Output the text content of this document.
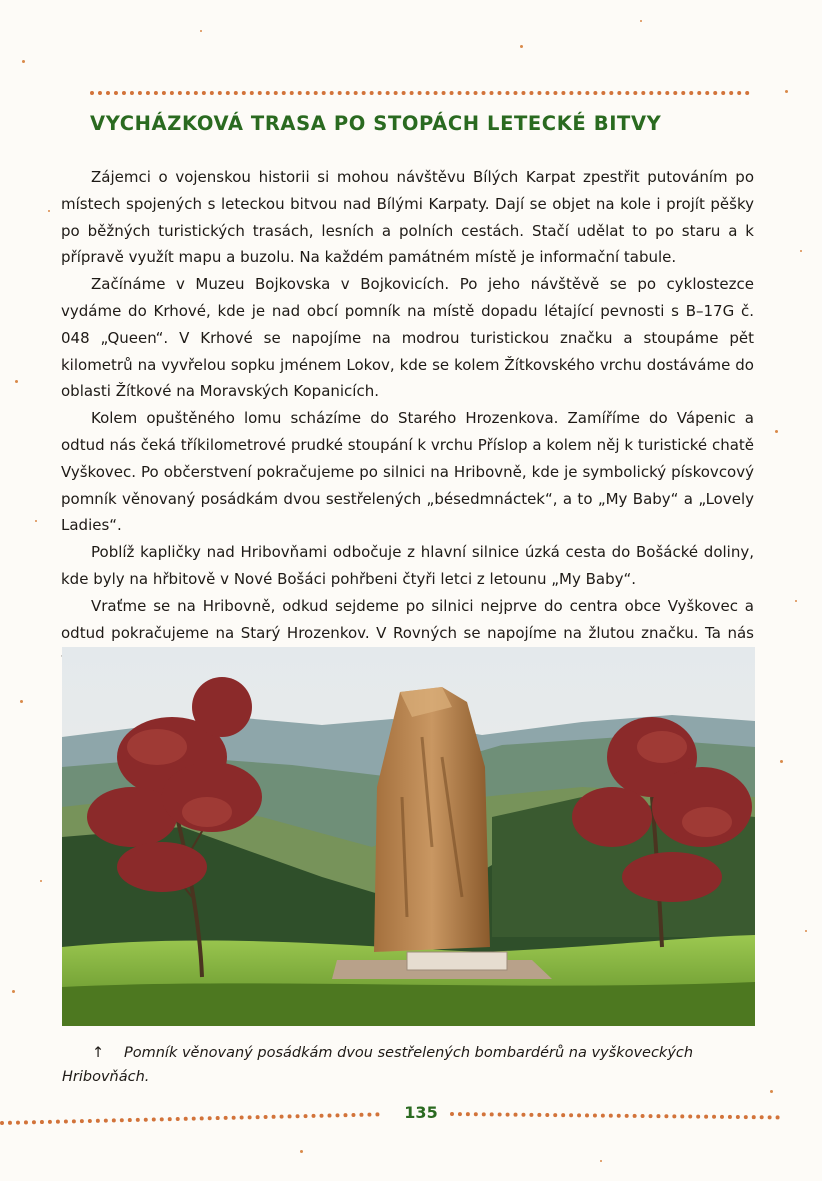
VYCHÁZKOVÁ TRASA PO STOPÁCH LETECKÉ BITVY

Zájemci o vojenskou historii si mohou návštěvu Bílých Karpat zpestřit putováním po místech spojených s leteckou bitvou nad Bílými Karpaty. Dají se objet na kole i projít pěšky po běžných turistických trasách, lesních a polních cestách. Stačí udělat to po staru a k přípravě využít mapu a buzolu. Na každém památném místě je informační tabule.

Začínáme v Muzeu Bojkovska v Bojkovicích. Po jeho návštěvě se po cyklostezce vydáme do Krhové, kde je nad obcí pomník na místě dopadu létající pevnosti s B–17G č. 048 „Queen“. V Krhové se napojíme na modrou turistickou značku a stoupáme pět kilometrů na vyvřelou sopku jménem Lokov, kde se kolem Žítkovského vrchu dostáváme do oblasti Žítkové na Moravských Kopanicích.

Kolem opuštěného lomu scházíme do Starého Hrozenkova. Zamíříme do Vápenic a odtud nás čeká tříkilometrové prudké stoupání k vrchu Příslop a kolem něj k turistické chatě Vyškovec. Po občerstvení pokračujeme po silnici na Hribovně, kde je symbolický pískovcový pomník věnovaný posádkám dvou sestřelených „bésedmnáctek“, a to „My Baby“ a „Lovely Ladies“.

Poblíž kapličky nad Hribovňami odbočuje z hlavní silnice úzká cesta do Bošácké doliny, kde byly na hřbitově v Nové Bošáci pohřbeni čtyři letci z letounu „My Baby“.

Vraťme se na Hribovně, odkud sejdeme po silnici nejprve do centra obce Vyškovec a odtud pokračujeme na Starý Hrozenkov. V Rovných se napojíme na žlutou značku. Ta nás

↑ Pomník věnovaný posádkám dvou sestřelených bombardérů na vyškoveckých Hribovňách.
135
